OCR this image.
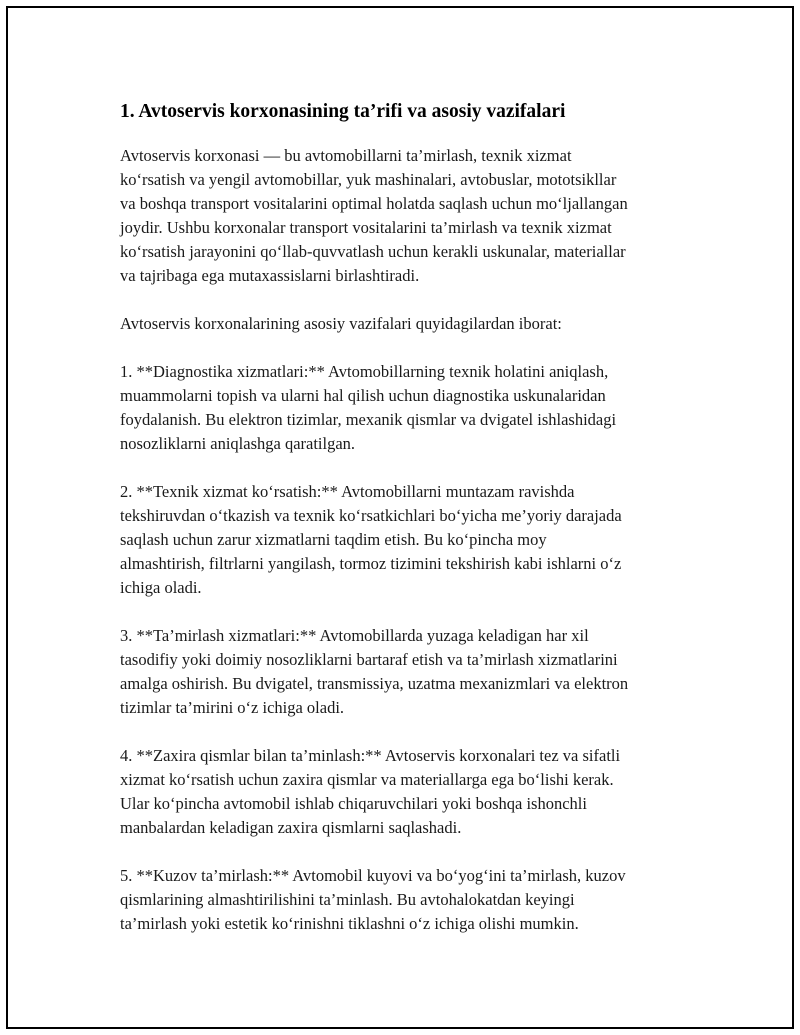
1. Avtoservis korxonasining ta’rifi va asosiy vazifalari

Avtoservis korxonasi — bu avtomobillarni ta’mirlash, texnik xizmat
ko‘rsatish va yengil avtomobillar, yuk mashinalari, avtobuslar, mototsikllar
va boshqa transport vositalarini optimal holatda saqlash uchun mo‘ljallangan
joydir. Ushbu korxonalar transport vositalarini ta’mirlash va texnik xizmat
ko‘rsatish jarayonini qo‘llab-quvvatlash uchun kerakli uskunalar, materiallar
va tajribaga ega mutaxassislarni birlashtiradi.

Avtoservis korxonalarining asosiy vazifalari quyidagilardan iborat:

1. **Diagnostika xizmatlari:** Avtomobillarning texnik holatini aniqlash,
muammolarni topish va ularni hal qilish uchun diagnostika uskunalaridan
foydalanish. Bu elektron tizimlar, mexanik qismlar va dvigatel ishlashidagi
nosozliklarni aniqlashga qaratilgan.

2. **Texnik xizmat ko‘rsatish:** Avtomobillarni muntazam ravishda
tekshiruvdan o‘tkazish va texnik ko‘rsatkichlari bo‘yicha me’yoriy darajada
saqlash uchun zarur xizmatlarni taqdim etish. Bu ko‘pincha moy
almashtirish, filtrlarni yangilash, tormoz tizimini tekshirish kabi ishlarni o‘z
ichiga oladi.

3. **Ta’mirlash xizmatlari:** Avtomobillarda yuzaga keladigan har xil
tasodifiy yoki doimiy nosozliklarni bartaraf etish va ta’mirlash xizmatlarini
amalga oshirish. Bu dvigatel, transmissiya, uzatma mexanizmlari va elektron
tizimlar ta’mirini o‘z ichiga oladi.

4. **Zaxira qismlar bilan ta’minlash:** Avtoservis korxonalari tez va sifatli
xizmat ko‘rsatish uchun zaxira qismlar va materiallarga ega bo‘lishi kerak.
Ular ko‘pincha avtomobil ishlab chiqaruvchilari yoki boshqa ishonchli
manbalardan keladigan zaxira qismlarni saqlashadi.

5. **Kuzov ta’mirlash:** Avtomobil kuyovi va bo‘yog‘ini ta’mirlash, kuzov
qismlarining almashtirilishini ta’minlash. Bu avtohalokatdan keyingi
ta’mirlash yoki estetik ko‘rinishni tiklashni o‘z ichiga olishi mumkin.
